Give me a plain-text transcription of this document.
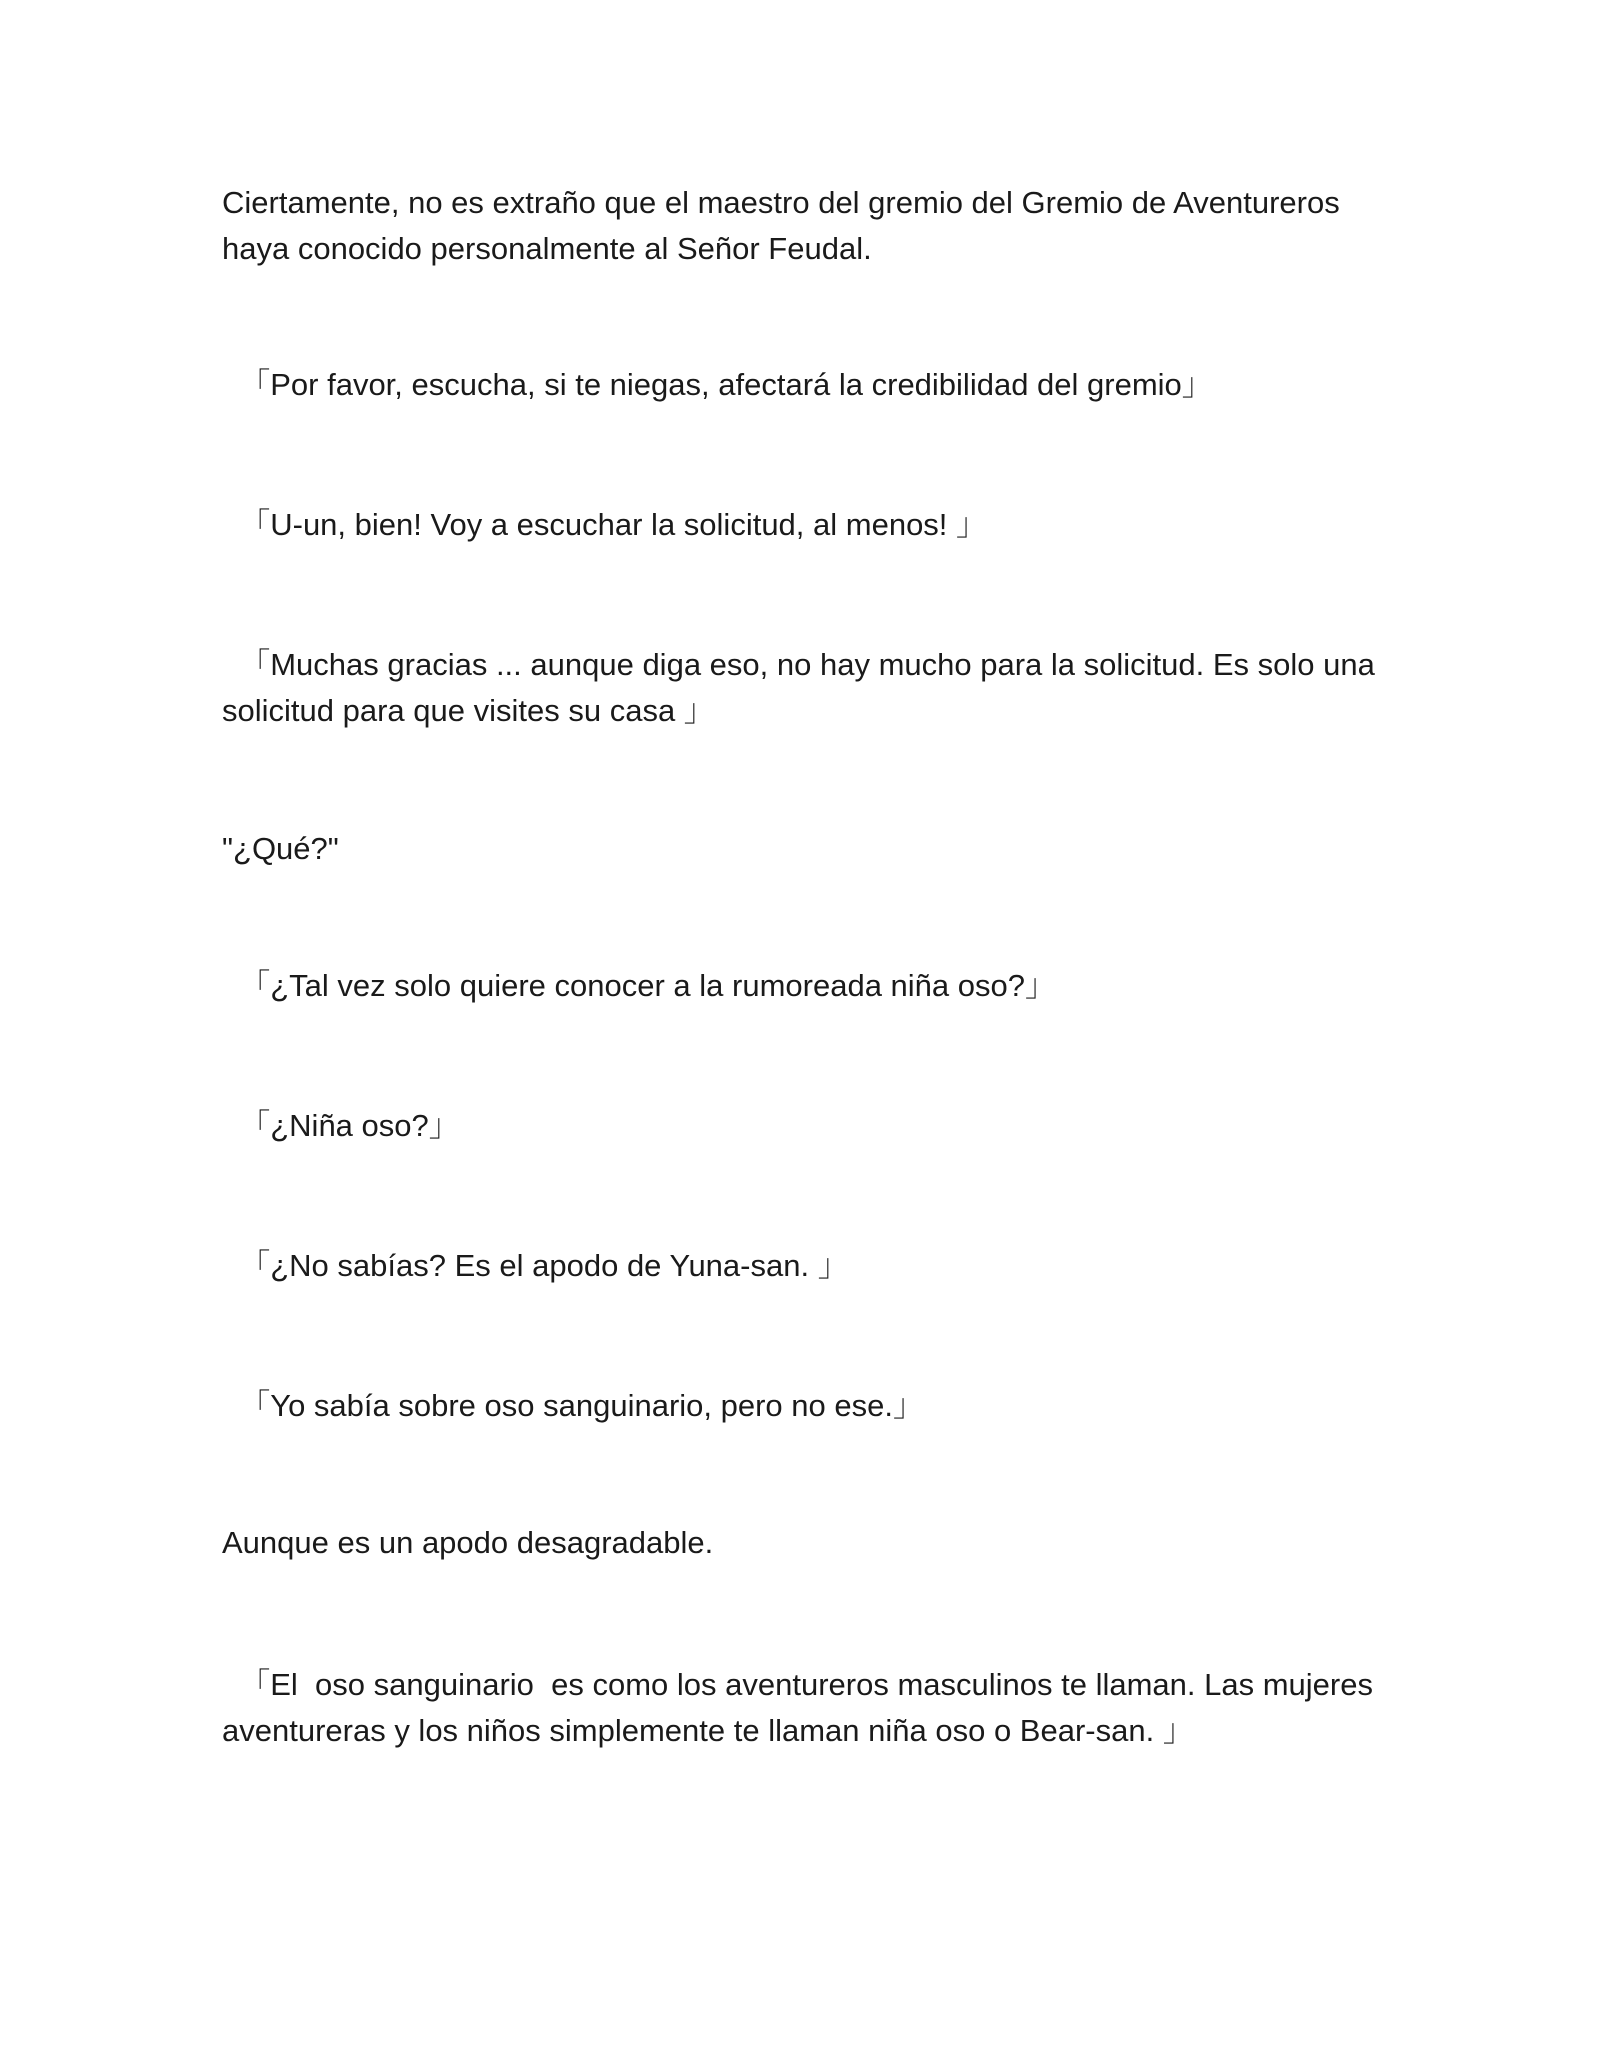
Ciertamente, no es extraño que el maestro del gremio del Gremio de Aventureros haya conocido personalmente al Señor Feudal.

「Por favor, escucha, si te niegas, afectará la credibilidad del gremio」

「U-un, bien! Voy a escuchar la solicitud, al menos! 」

「Muchas gracias ... aunque diga eso, no hay mucho para la solicitud. Es solo una solicitud para que visites su casa 」

"¿Qué?"

「¿Tal vez solo quiere conocer a la rumoreada niña oso?」

「¿Niña oso?」

「¿No sabías? Es el apodo de Yuna-san. 」

「Yo sabía sobre oso sanguinario, pero no ese.」

Aunque es un apodo desagradable.

「El  oso sanguinario  es como los aventureros masculinos te llaman. Las mujeres aventureras y los niños simplemente te llaman niña oso o Bear-san. 」
